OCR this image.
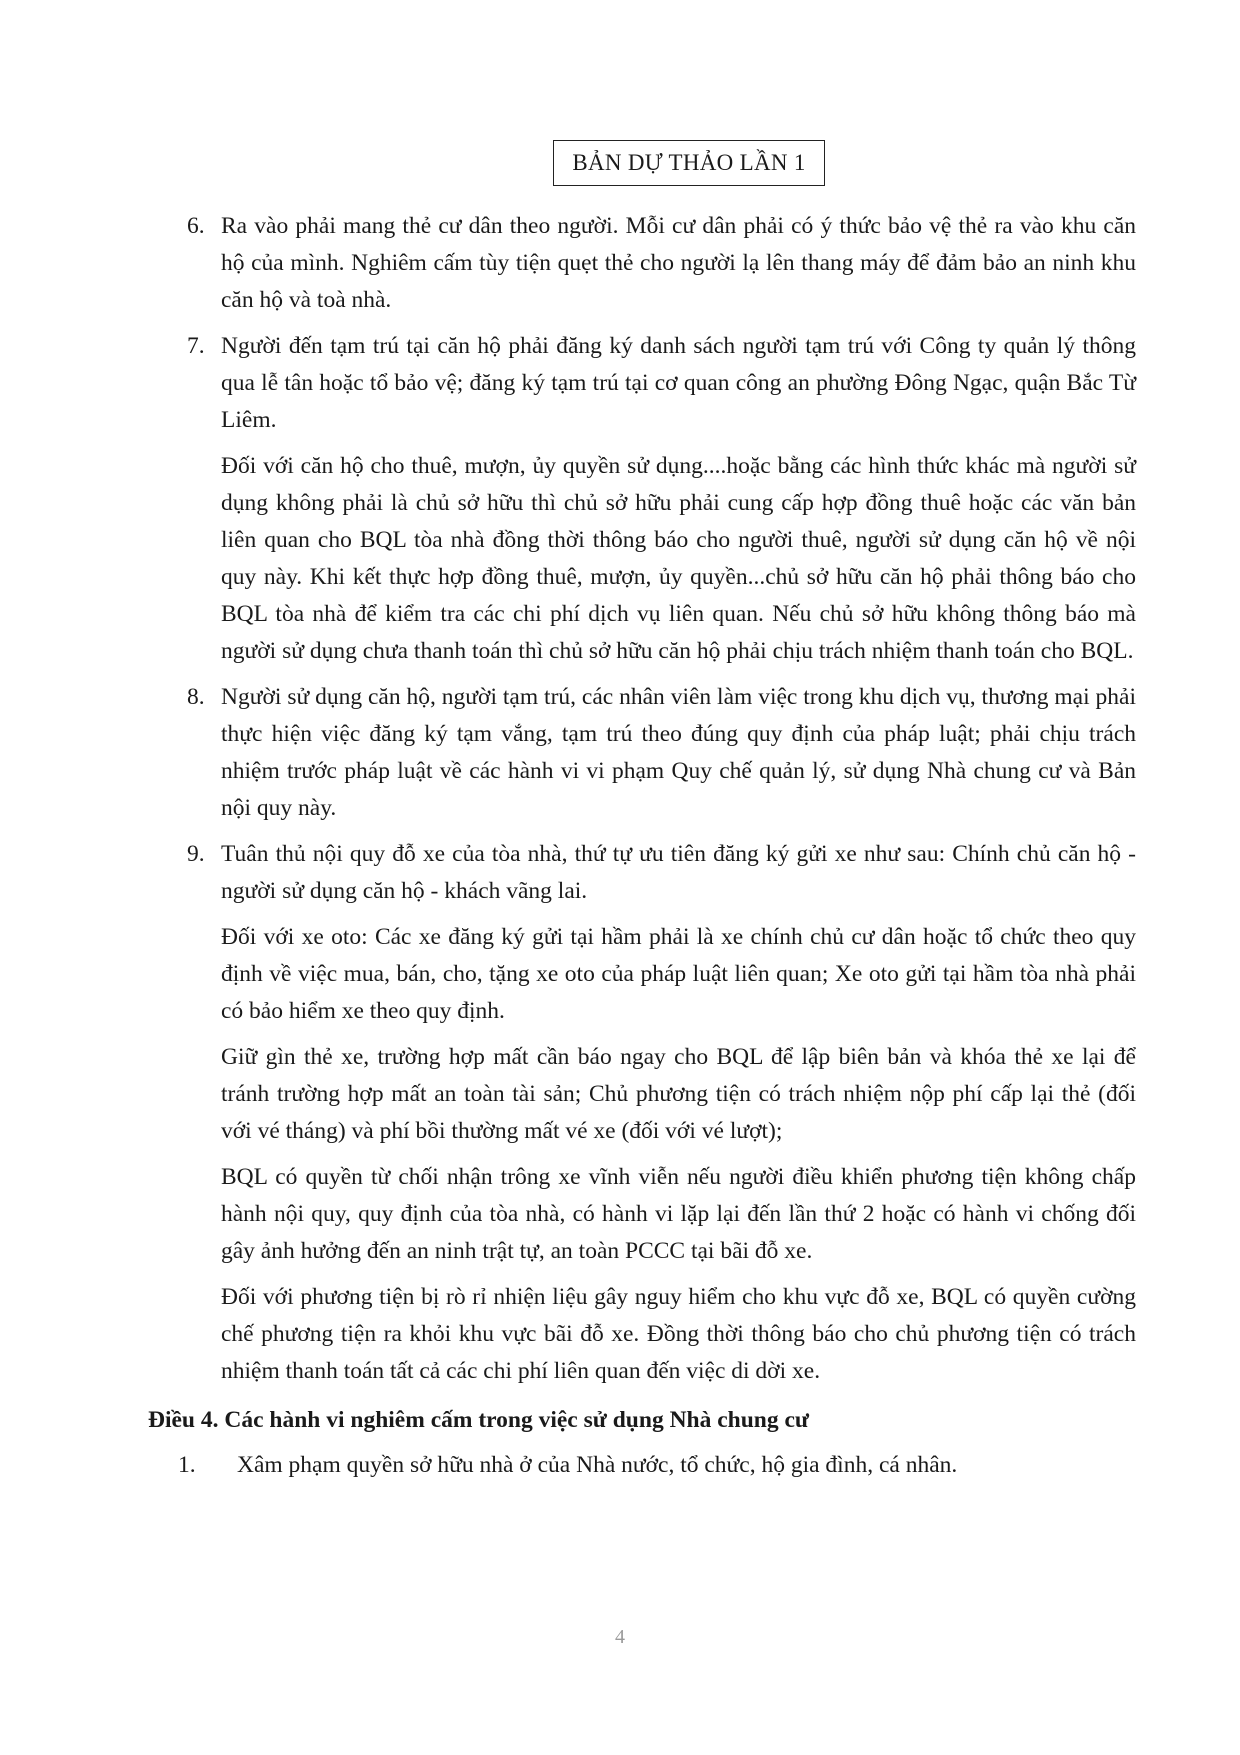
BẢN DỰ THẢO LẦN 1
6. Ra vào phải mang thẻ cư dân theo người. Mỗi cư dân phải có ý thức bảo vệ thẻ ra vào khu căn hộ của mình. Nghiêm cấm tùy tiện quẹt thẻ cho người lạ lên thang máy để đảm bảo an ninh khu căn hộ và toà nhà.
7. Người đến tạm trú tại căn hộ phải đăng ký danh sách người tạm trú với Công ty quản lý thông qua lễ tân hoặc tổ bảo vệ; đăng ký tạm trú tại cơ quan công an phường Đông Ngạc, quận Bắc Từ Liêm.
Đối với căn hộ cho thuê, mượn, ủy quyền sử dụng....hoặc bằng các hình thức khác mà người sử dụng không phải là chủ sở hữu thì chủ sở hữu phải cung cấp hợp đồng thuê hoặc các văn bản liên quan cho BQL tòa nhà đồng thời thông báo cho người thuê, người sử dụng căn hộ về nội quy này. Khi kết thực hợp đồng thuê, mượn, ủy quyền...chủ sở hữu căn hộ phải thông báo cho BQL tòa nhà để kiểm tra các chi phí dịch vụ liên quan. Nếu chủ sở hữu không thông báo mà người sử dụng chưa thanh toán thì chủ sở hữu căn hộ phải chịu trách nhiệm thanh toán cho BQL.
8. Người sử dụng căn hộ, người tạm trú, các nhân viên làm việc trong khu dịch vụ, thương mại phải thực hiện việc đăng ký tạm vắng, tạm trú theo đúng quy định của pháp luật; phải chịu trách nhiệm trước pháp luật về các hành vi vi phạm Quy chế quản lý, sử dụng Nhà chung cư và Bản nội quy này.
9. Tuân thủ nội quy đỗ xe của tòa nhà, thứ tự ưu tiên đăng ký gửi xe như sau: Chính chủ căn hộ - người sử dụng căn hộ - khách vãng lai.
Đối với xe oto: Các xe đăng ký gửi tại hầm phải là xe chính chủ cư dân hoặc tổ chức theo quy định về việc mua, bán, cho, tặng xe oto của pháp luật liên quan; Xe oto gửi tại hầm tòa nhà phải có bảo hiểm xe theo quy định.
Giữ gìn thẻ xe, trường hợp mất cần báo ngay cho BQL để lập biên bản và khóa thẻ xe lại để tránh trường hợp mất an toàn tài sản; Chủ phương tiện có trách nhiệm nộp phí cấp lại thẻ (đối với vé tháng) và phí bồi thường mất vé xe (đối với vé lượt);
BQL có quyền từ chối nhận trông xe vĩnh viễn nếu người điều khiển phương tiện không chấp hành nội quy, quy định của tòa nhà, có hành vi lặp lại đến lần thứ 2 hoặc có hành vi chống đối gây ảnh hưởng đến an ninh trật tự, an toàn PCCC tại bãi đỗ xe.
Đối với phương tiện bị rò rỉ nhiện liệu gây nguy hiểm cho khu vực đỗ xe, BQL có quyền cường chế phương tiện ra khỏi khu vực bãi đỗ xe. Đồng thời thông báo cho chủ phương tiện có trách nhiệm thanh toán tất cả các chi phí liên quan đến việc di dời xe.
Điều 4. Các hành vi nghiêm cấm trong việc sử dụng Nhà chung cư
1. Xâm phạm quyền sở hữu nhà ở của Nhà nước, tổ chức, hộ gia đình, cá nhân.
4
